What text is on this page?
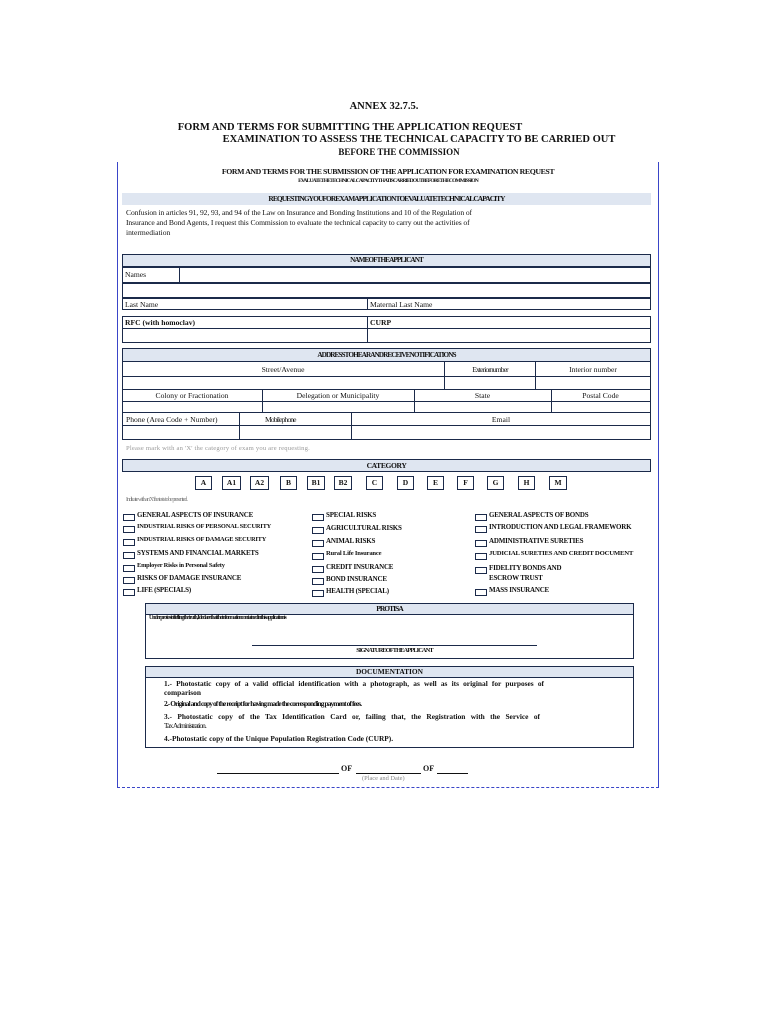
ANNEX 32.7.5.
FORM AND TERMS FOR SUBMITTING THE APPLICATION REQUEST
EXAMINATION TO ASSESS THE TECHNICAL CAPACITY TO BE CARRIED OUT
BEFORE THE COMMISSION
FORM AND TERMS FOR THE SUBMISSION OF THE APPLICATION FOR EXAMINATION REQUEST
EVALUATETHETECHNICALCAPACITYTHATISCARRIEDOUTBEFORETHECOMMISSION
REQUESTINGYOUFOREXAMAPPLICATIONTOEVALUATETECHNICALCAPACITY
Confusion in articles 91, 92, 93, and 94 of the Law on Insurance and Bonding Institutions and 10 of the Regulation of
Insurance and Bond Agents, I request this Commission to evaluate the technical capacity to carry out the activities of
intermediation
NAMEOFTHEAPPLICANT
Names
Last Name	Maternal Last Name
RFC (with homoclav)	CURP
ADDRESSTOHEARANDRECEIVENOTIFICATIONS
Street/Avenue	Exteriornumber	Interior number
Colony or Fractionation	Delegation or Municipality	State	Postal Code
Phone (Area Code + Number)	Mobilephone	Email
Please mark with an 'X' the category of exam you are requesting.
CATEGORY
A	A1	A2	B	B1	B2	C	D	E	F	G	H	M
Indicate with an 'X' the tests to be presented.
GENERAL ASPECTS OF INSURANCE
INDUSTRIAL RISKS OF PERSONAL SECURITY
INDUSTRIAL RISKS OF DAMAGE SECURITY
SYSTEMS AND FINANCIAL MARKETS
Employer Risks in Personal Safety
RISKS OF DAMAGE INSURANCE
LIFE (SPECIALS)
SPECIAL RISKS
AGRICULTURAL RISKS
ANIMAL RISKS
Rural Life Insurance
CREDIT INSURANCE
BOND INSURANCE
HEALTH (SPECIAL)
GENERAL ASPECTS OF BONDS
INTRODUCTION AND LEGAL FRAMEWORK
ADMINISTRATIVE SURETIES
JUDICIAL SURETIES AND CREDIT DOCUMENT
FIDELITY BONDS AND
ESCROW TRUST
MASS INSURANCE
PROTISA
Underprotestoftellingthetruth,Ideclarethattheinformationcontainedinthisapplicationis
SIGNATUREOFTHEAPPLICANT
DOCUMENTATION
1.- Photostatic copy of a valid official identification with a photograph, as well as its original for purposes of
comparison
2.- Original and copy of the receipt for having made the corresponding payment of fees.
3.- Photostatic copy of the Tax Identification Card or, failing that, the Registration with the Service of
Tax Administration.
4.-Photostatic copy of the Unique Population Registration Code (CURP).
OF	OF
(Place and Date)
